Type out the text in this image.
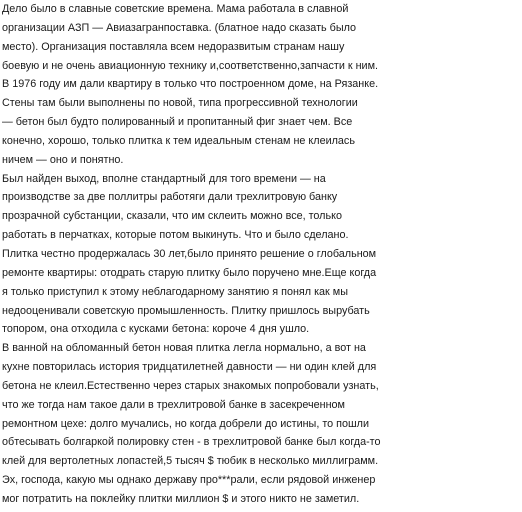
Дело было в славные советские времена. Мама работала в славной
организации АЗП — Авиазагранпоставка. (блатное надо сказать было
место). Организация поставляла всем недоразвитым странам нашу
боевую и не очень авиационную технику и,соответственно,запчасти к ним.
В 1976 году им дали квартиру в только что построенном доме, на Рязанке.
Стены там были выполнены по новой, типа прогрессивной технологии
— бетон был будто полированный и пропитанный фиг знает чем. Все
конечно, хорошо, только плитка к тем идеальным стенам не клеилась
ничем — оно и понятно.
Был найден выход, вполне стандартный для того времени — на
производстве за две поллитры работяги дали трехлитровую банку
прозрачной субстанции, сказали, что им склеить можно все, только
работать в перчатках, которые потом выкинуть. Что и было сделано.
Плитка честно продержалась 30 лет,было принято решение о глобальном
ремонте квартиры: отодрать старую плитку было поручено мне.Еще когда
я только приступил к этому неблагодарному занятию я понял как мы
недооценивали советскую промышленность. Плитку пришлось вырубать
топором, она отходила с кусками бетона: короче 4 дня ушло.
В ванной на обломанный бетон новая плитка легла нормально, а вот на
кухне повторилась история тридцатилетней давности — ни один клей для
бетона не клеил.Естественно через старых знакомых попробовали узнать,
что же тогда нам такое дали в трехлитровой банке в засекреченном
ремонтном цехе: долго мучались, но когда добрели до истины, то пошли
обтесывать болгаркой полировку стен - в трехлитровой банке был когда-то
клей для вертолетных лопастей,5 тысяч $ тюбик в несколько миллиграмм.
Эх, господа, какую мы однако державу про***рали, если рядовой инженер
мог потратить на поклейку плитки миллион $ и этого никто не заметил.
